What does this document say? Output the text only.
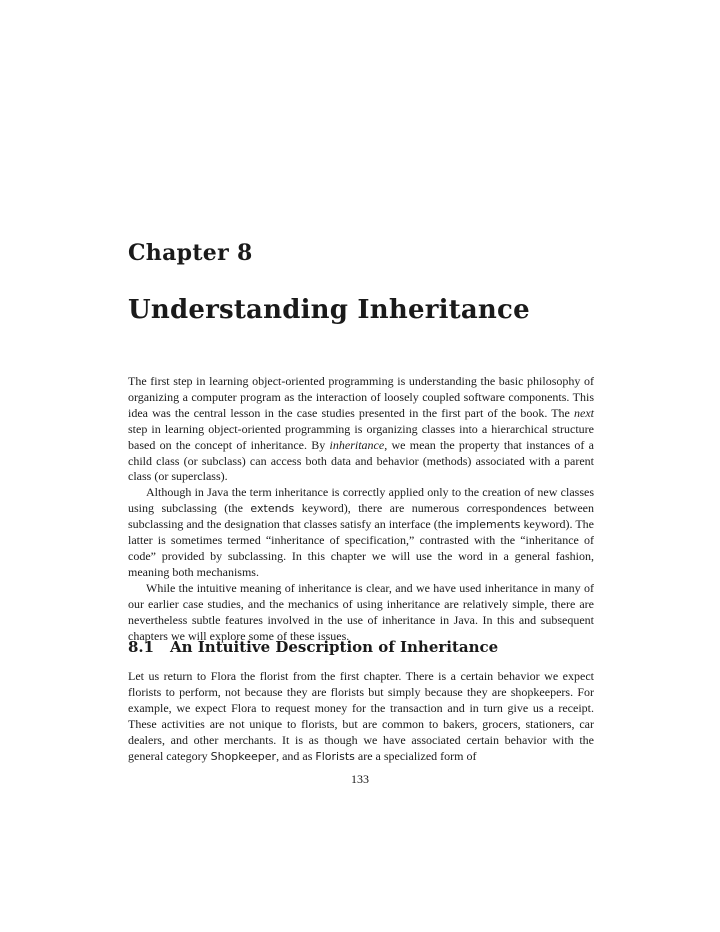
Chapter 8
Understanding Inheritance

The first step in learning object-oriented programming is understanding the basic philosophy of organizing a computer program as the interaction of loosely coupled software components. This idea was the central lesson in the case studies presented in the first part of the book. The next step in learning object-oriented programming is organizing classes into a hierarchical structure based on the concept of inheritance. By inheritance, we mean the property that instances of a child class (or subclass) can access both data and behavior (methods) associated with a parent class (or superclass).

Although in Java the term inheritance is correctly applied only to the creation of new classes using subclassing (the extends keyword), there are numerous correspondences between subclassing and the designation that classes satisfy an interface (the implements keyword). The latter is sometimes termed “inheritance of specification,” contrasted with the “inheritance of code” provided by subclassing. In this chapter we will use the word in a general fashion, meaning both mechanisms.

While the intuitive meaning of inheritance is clear, and we have used inheritance in many of our earlier case studies, and the mechanics of using inheritance are relatively simple, there are nevertheless subtle features involved in the use of inheritance in Java. In this and subsequent chapters we will explore some of these issues.

8.1 An Intuitive Description of Inheritance

Let us return to Flora the florist from the first chapter. There is a certain behavior we expect florists to perform, not because they are florists but simply because they are shopkeepers. For example, we expect Flora to request money for the transaction and in turn give us a receipt. These activities are not unique to florists, but are common to bakers, grocers, stationers, car dealers, and other merchants. It is as though we have associated certain behavior with the general category Shopkeeper, and as Florists are a specialized form of

133
